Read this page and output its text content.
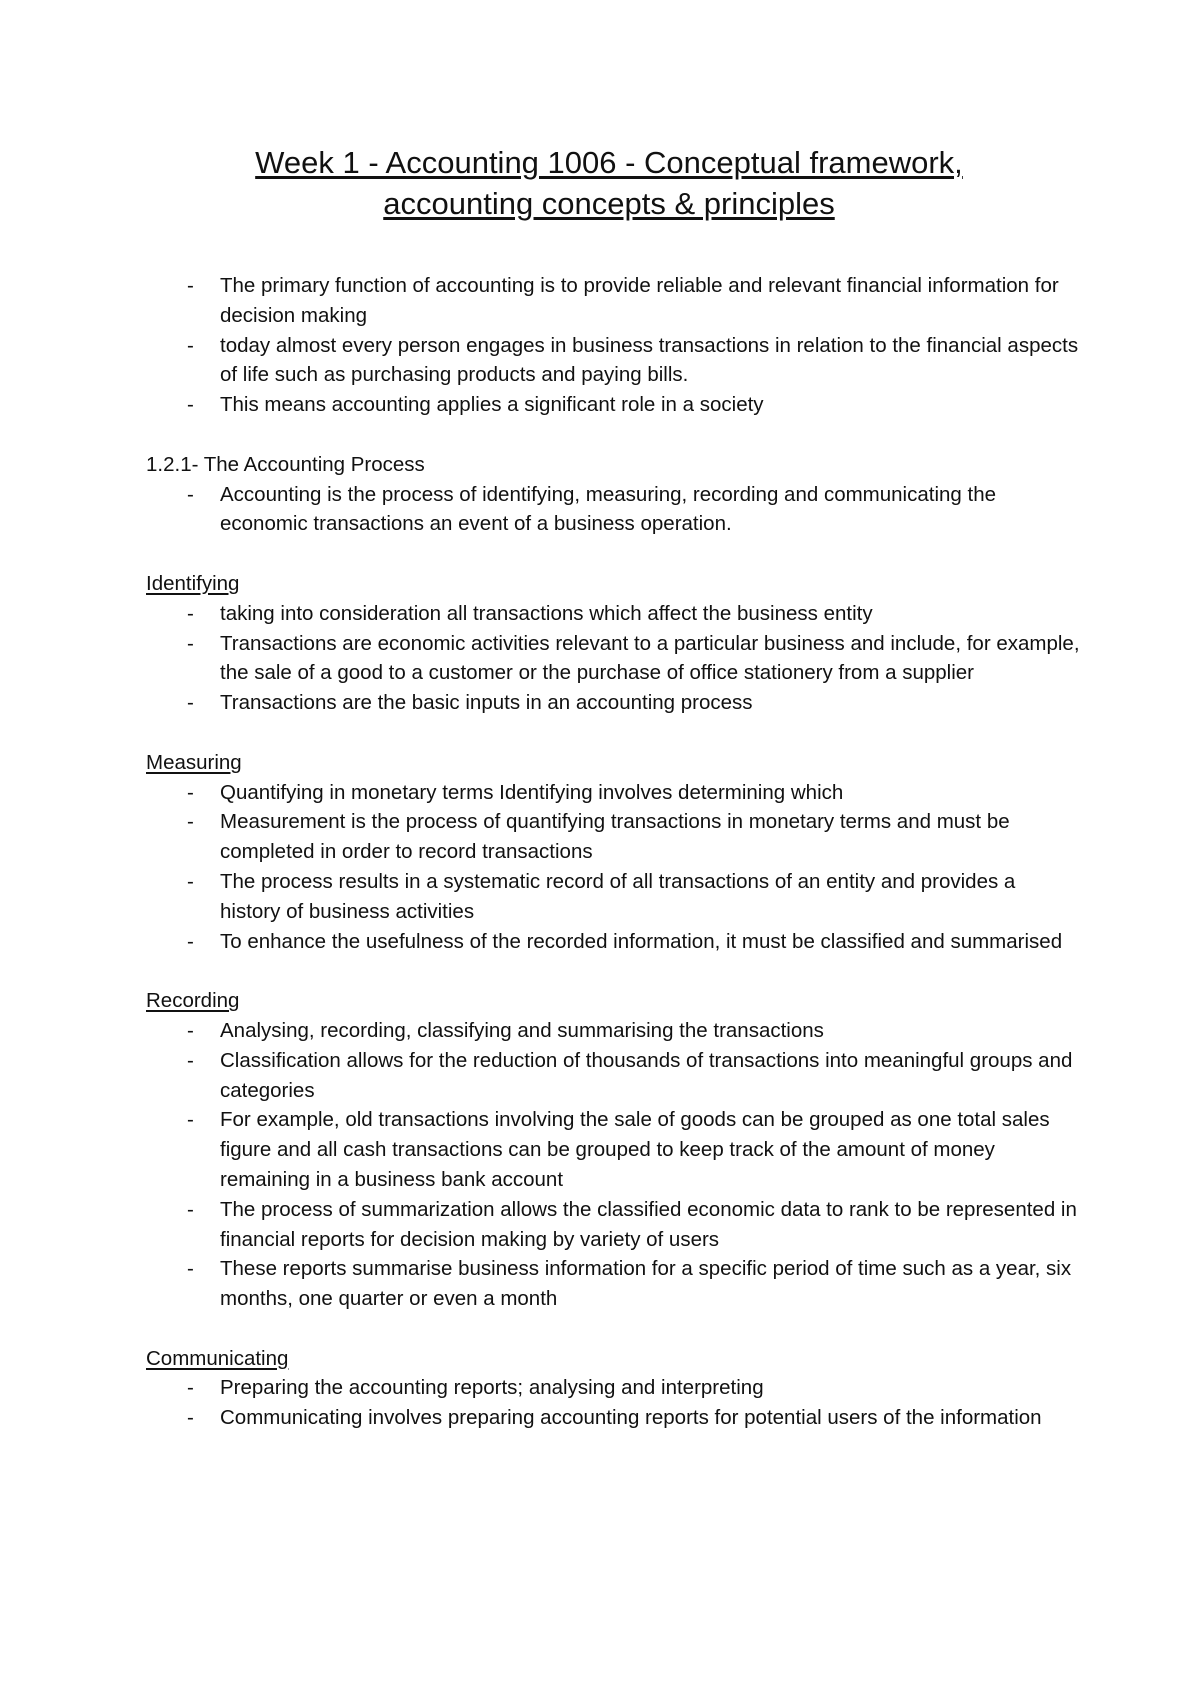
Week 1 - Accounting 1006 - Conceptual framework,
accounting concepts & principles
- The primary function of accounting is to provide reliable and relevant financial information for decision making
- today almost every person engages in business transactions in relation to the financial aspects of life such as purchasing products and paying bills.
- This means accounting applies a significant role in a society

1.2.1- The Accounting Process

- Accounting is the process of identifying, measuring, recording and communicating the economic transactions an event of a business operation.

Identifying

- taking into consideration all transactions which affect the business entity
- Transactions are economic activities relevant to a particular business and include, for example, the sale of a good to a customer or the purchase of office stationery from a supplier
- Transactions are the basic inputs in an accounting process

Measuring

- Quantifying in monetary terms Identifying involves determining which
- Measurement is the process of quantifying transactions in monetary terms and must be completed in order to record transactions
- The process results in a systematic record of all transactions of an entity and provides a history of business activities
- To enhance the usefulness of the recorded information, it must be classified and summarised

Recording

- Analysing, recording, classifying and summarising the transactions
- Classification allows for the reduction of thousands of transactions into meaningful groups and categories
- For example, old transactions involving the sale of goods can be grouped as one total sales figure and all cash transactions can be grouped to keep track of the amount of money remaining in a business bank account
- The process of summarization allows the classified economic data to rank to be represented in financial reports for decision making by variety of users
- These reports summarise business information for a specific period of time such as a year, six months, one quarter or even a month

Communicating

- Preparing the accounting reports; analysing and interpreting
- Communicating involves preparing accounting reports for potential users of the information
